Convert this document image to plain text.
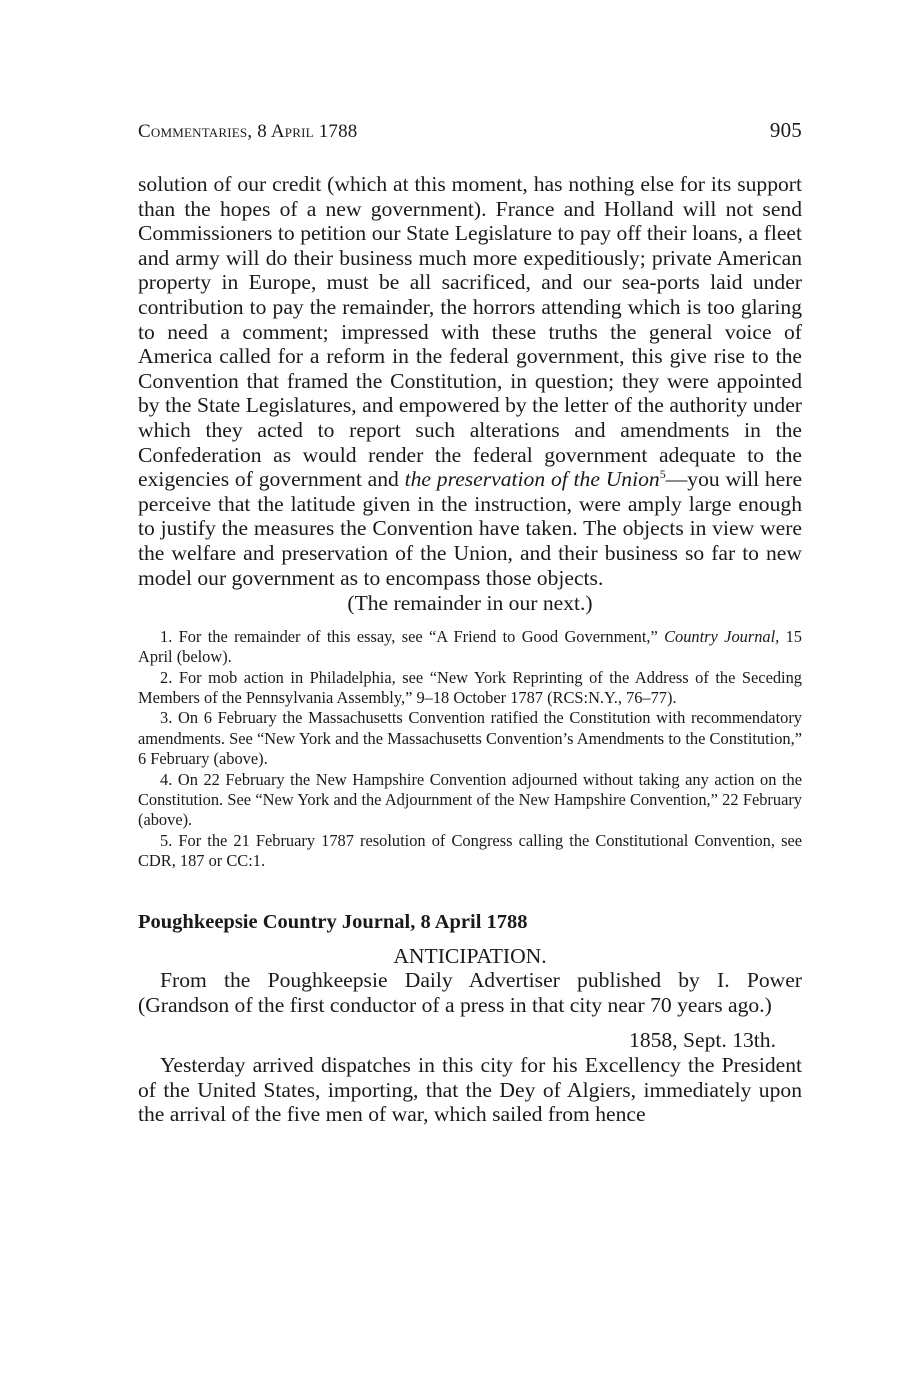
Commentaries, 8 April 1788	905

solution of our credit (which at this moment, has nothing else for its support than the hopes of a new government). France and Holland will not send Commissioners to petition our State Legislature to pay off their loans, a fleet and army will do their business much more expeditiously; private American property in Europe, must be all sacrificed, and our sea-ports laid under contribution to pay the remainder, the horrors attending which is too glaring to need a comment; impressed with these truths the general voice of America called for a reform in the federal government, this give rise to the Convention that framed the Constitution, in question; they were appointed by the State Legislatures, and empowered by the letter of the authority under which they acted to report such alterations and amendments in the Confederation as would render the federal government adequate to the exigencies of government and the preservation of the Union$^5$—you will here perceive that the latitude given in the instruction, were amply large enough to justify the measures the Convention have taken. The objects in view were the welfare and preservation of the Union, and their business so far to new model our government as to encompass those objects.

(The remainder in our next.)

1. For the remainder of this essay, see “A Friend to Good Government,” Country Journal, 15 April (below).

2. For mob action in Philadelphia, see “New York Reprinting of the Address of the Seceding Members of the Pennsylvania Assembly,” 9–18 October 1787 (RCS:N.Y., 76–77).

3. On 6 February the Massachusetts Convention ratified the Constitution with recommendatory amendments. See “New York and the Massachusetts Convention’s Amendments to the Constitution,” 6 February (above).

4. On 22 February the New Hampshire Convention adjourned without taking any action on the Constitution. See “New York and the Adjournment of the New Hampshire Convention,” 22 February (above).

5. For the 21 February 1787 resolution of Congress calling the Constitutional Convention, see CDR, 187 or CC:1.

Poughkeepsie Country Journal, 8 April 1788
ANTICIPATION.

From the Poughkeepsie Daily Advertiser published by I. Power (Grandson of the first conductor of a press in that city near 70 years ago.)

1858, Sept. 13th.

Yesterday arrived dispatches in this city for his Excellency the President of the United States, importing, that the Dey of Algiers, immediately upon the arrival of the five men of war, which sailed from hence
